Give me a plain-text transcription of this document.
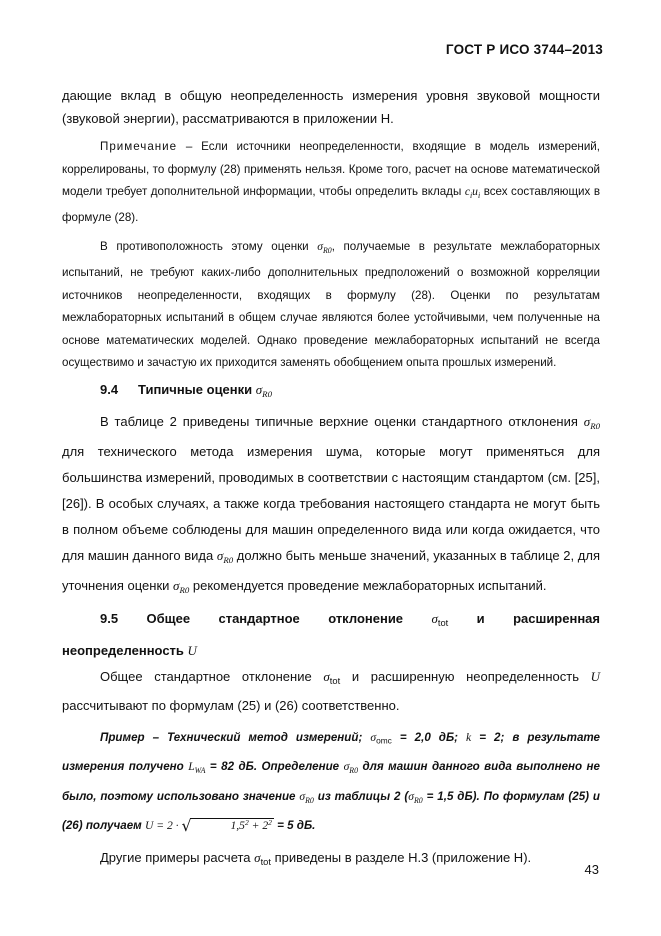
ГОСТ Р ИСО 3744–2013

дающие вклад в общую неопределенность измерения уровня звуковой мощности (звуковой энергии), рассматриваются в приложении Н.

Примечание – Если источники неопределенности, входящие в модель измерений, коррелированы, то формулу (28) применять нельзя. Кроме того, расчет на основе математической модели требует дополнительной информации, чтобы определить вклады $c_iu_i$ всех составляющих в формуле (28).

В противоположность этому оценки $\sigma_{R0}$, получаемые в результате межлабораторных испытаний, не требуют каких-либо дополнительных предположений о возможной корреляции источников неопределенности, входящих в формулу (28). Оценки по результатам межлабораторных испытаний в общем случае являются более устойчивыми, чем полученные на основе математических моделей. Однако проведение межлабораторных испытаний не всегда осуществимо и зачастую их приходится заменять обобщением опыта прошлых измерений.

9.4 Типичные оценки $\sigma_{R0}$

В таблице 2 приведены типичные верхние оценки стандартного отклонения $\sigma_{R0}$ для технического метода измерения шума, которые могут применяться для большинства измерений, проводимых в соответствии с настоящим стандартом (см. [25], [26]). В особых случаях, а также когда требования настоящего стандарта не могут быть в полном объеме соблюдены для машин определенного вида или когда ожидается, что для машин данного вида $\sigma_{R0}$ должно быть меньше значений, указанных в таблице 2, для уточнения оценки $\sigma_{R0}$ рекомендуется проведение межлабораторных испытаний.

9.5 Общее стандартное отклонение $\sigma_{tot}$ и расширенная
неопределенность U

Общее стандартное отклонение $\sigma_{tot}$ и расширенную неопределенность U рассчитывают по формулам (25) и (26) соответственно.

Пример – Технический метод измерений; $\sigma_{omc} = 2,0$ дБ; k = 2; в результате измерения получено $L_{WA} = 82$ дБ. Определение $\sigma_{R0}$ для машин данного вида выполнено не было, поэтому использовано значение $\sigma_{R0}$ из таблицы 2 ($\sigma_{R0} = 1,5$ дБ). По формулам (25) и (26) получаем U = 2 · √	$1,5^2 + 2^2 = 5$ дБ.

Другие примеры расчета $\sigma_{tot}$ приведены в разделе Н.3 (приложение Н).

43
